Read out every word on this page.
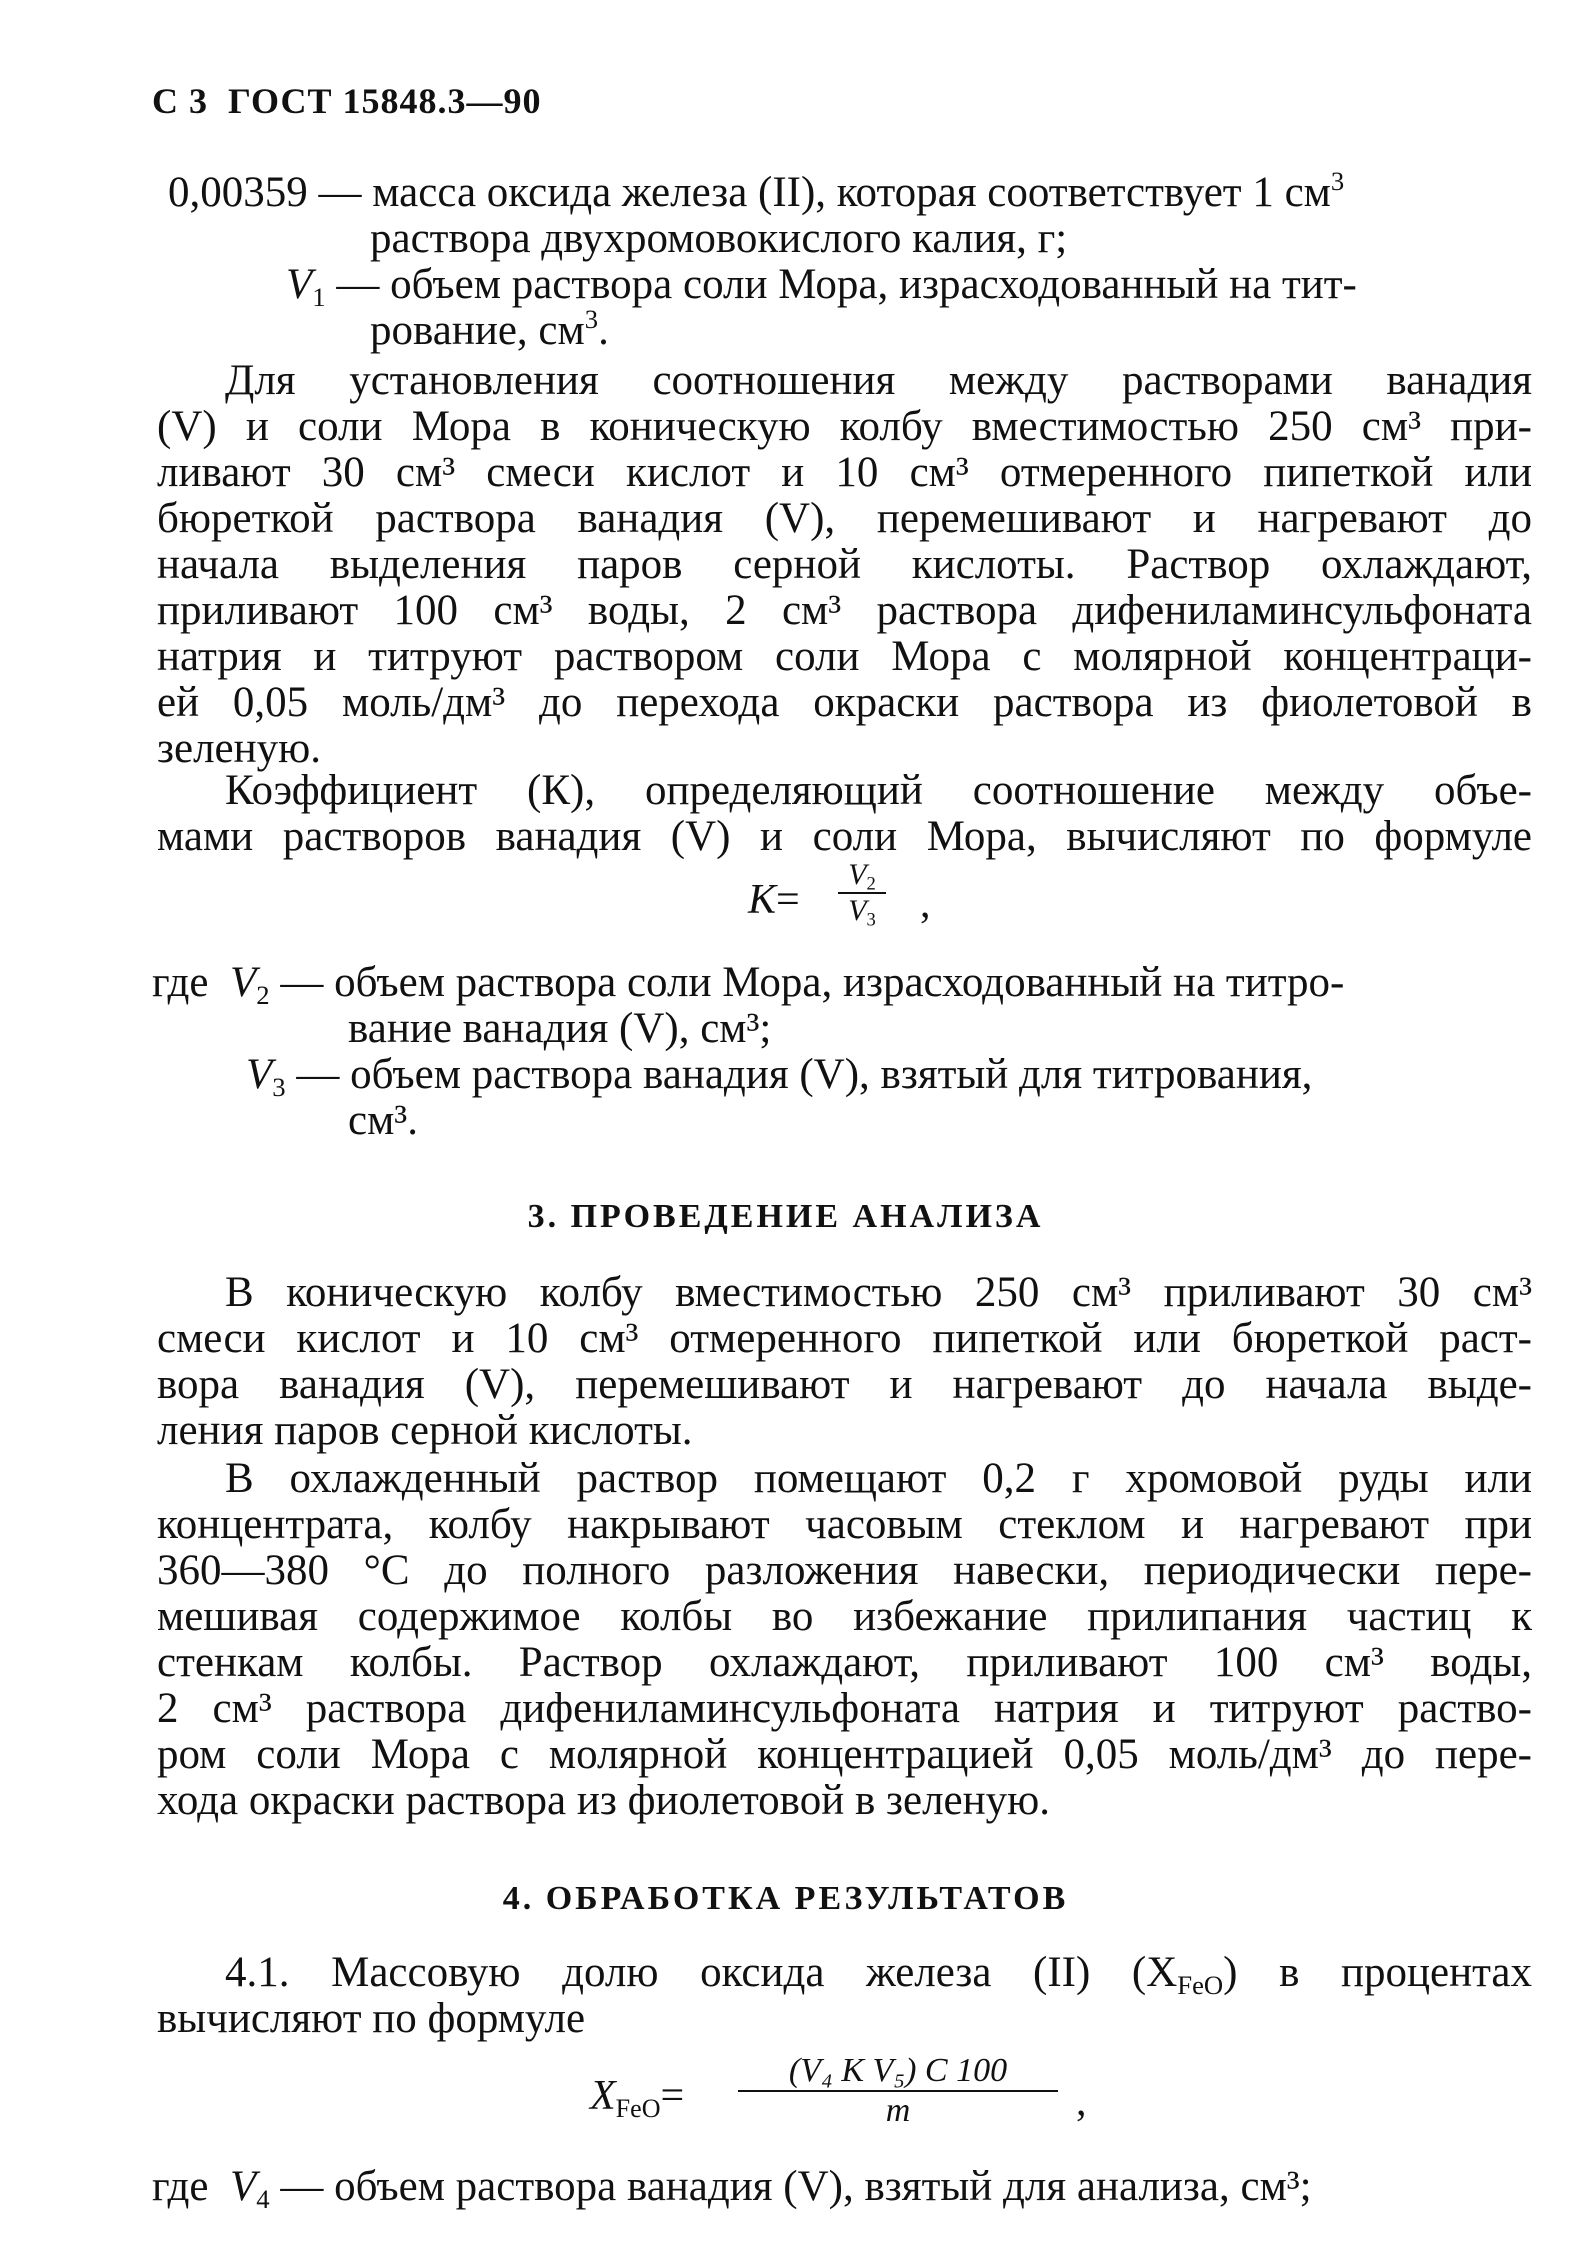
С 3 ГОСТ 15848.3—90
0,00359 — масса оксида железа (II), которая соответствует 1 $см^3$
раствора двухромовокислого калия, г;
$V_1$ — объем раствора соли Мора, израсходованный на тит-
рование, $см^3$.
Для установления соотношения между растворами ванадия
(V) и соли Мора в коническую колбу вместимостью 250 см³ при-
ливают 30 см³ смеси кислот и 10 см³ отмеренного пипеткой или
бюреткой раствора ванадия (V), перемешивают и нагревают до
начала выделения паров серной кислоты. Раствор охлаждают,
приливают 100 см³ воды, 2 см³ раствора дифениламинсульфоната
натрия и титруют раствором соли Мора с молярной концентраци-
ей 0,05 моль/дм³ до перехода окраски раствора из фиолетовой в
зеленую.
Коэффициент (К), определяющий соотношение между объе-
мами растворов ванадия (V) и соли Мора, вычисляют по формуле
K=
$V_2$
$V_3$ ,
где $V_2$ — объем раствора соли Мора, израсходованный на титро-
вание ванадия (V), см³;
$V_3$ — объем раствора ванадия (V), взятый для титрования,
см³.
3. ПРОВЕДЕНИЕ АНАЛИЗА
В коническую колбу вместимостью 250 см³ приливают 30 см³
смеси кислот и 10 см³ отмеренного пипеткой или бюреткой раст-
вора ванадия (V), перемешивают и нагревают до начала выде-
ления паров серной кислоты.
В охлажденный раствор помещают 0,2 г хромовой руды или
концентрата, колбу накрывают часовым стеклом и нагревают при
360—380 °С до полного разложения навески, периодически пере-
мешивая содержимое колбы во избежание прилипания частиц к
стенкам колбы. Раствор охлаждают, приливают 100 см³ воды,
2 см³ раствора дифениламинсульфоната натрия и титруют раство-
ром соли Мора с молярной концентрацией 0,05 моль/дм³ до пере-
хода окраски раствора из фиолетовой в зеленую.
4. ОБРАБОТКА РЕЗУЛЬТАТОВ
4.1. Массовую долю оксида железа (II) $(X_{FeO})$ в процентах
вычисляют по формуле
$X_{FeO}=$
(V₄ K V₅) C 100
m	,
где $V_4$ — объем раствора ванадия (V), взятый для анализа, см³;
